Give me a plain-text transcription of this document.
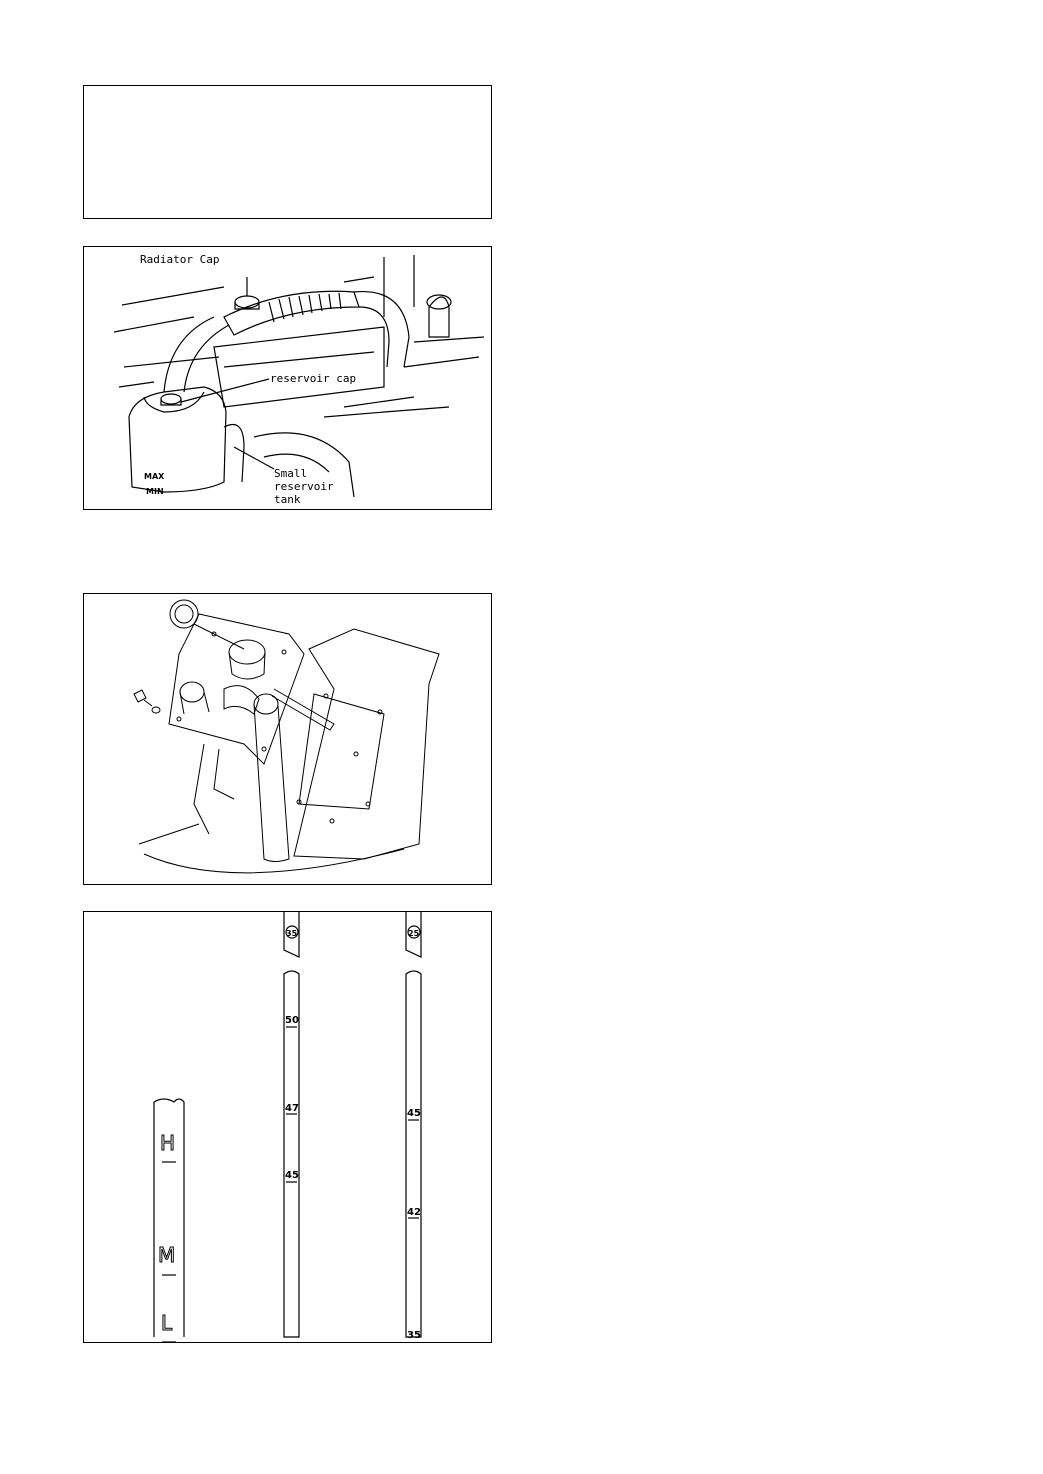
Radiator Cap
reservoir cap
Small
reservoir
tank
MAX
MIN
H
M
L
35
50
47
45
25
45
42
35
